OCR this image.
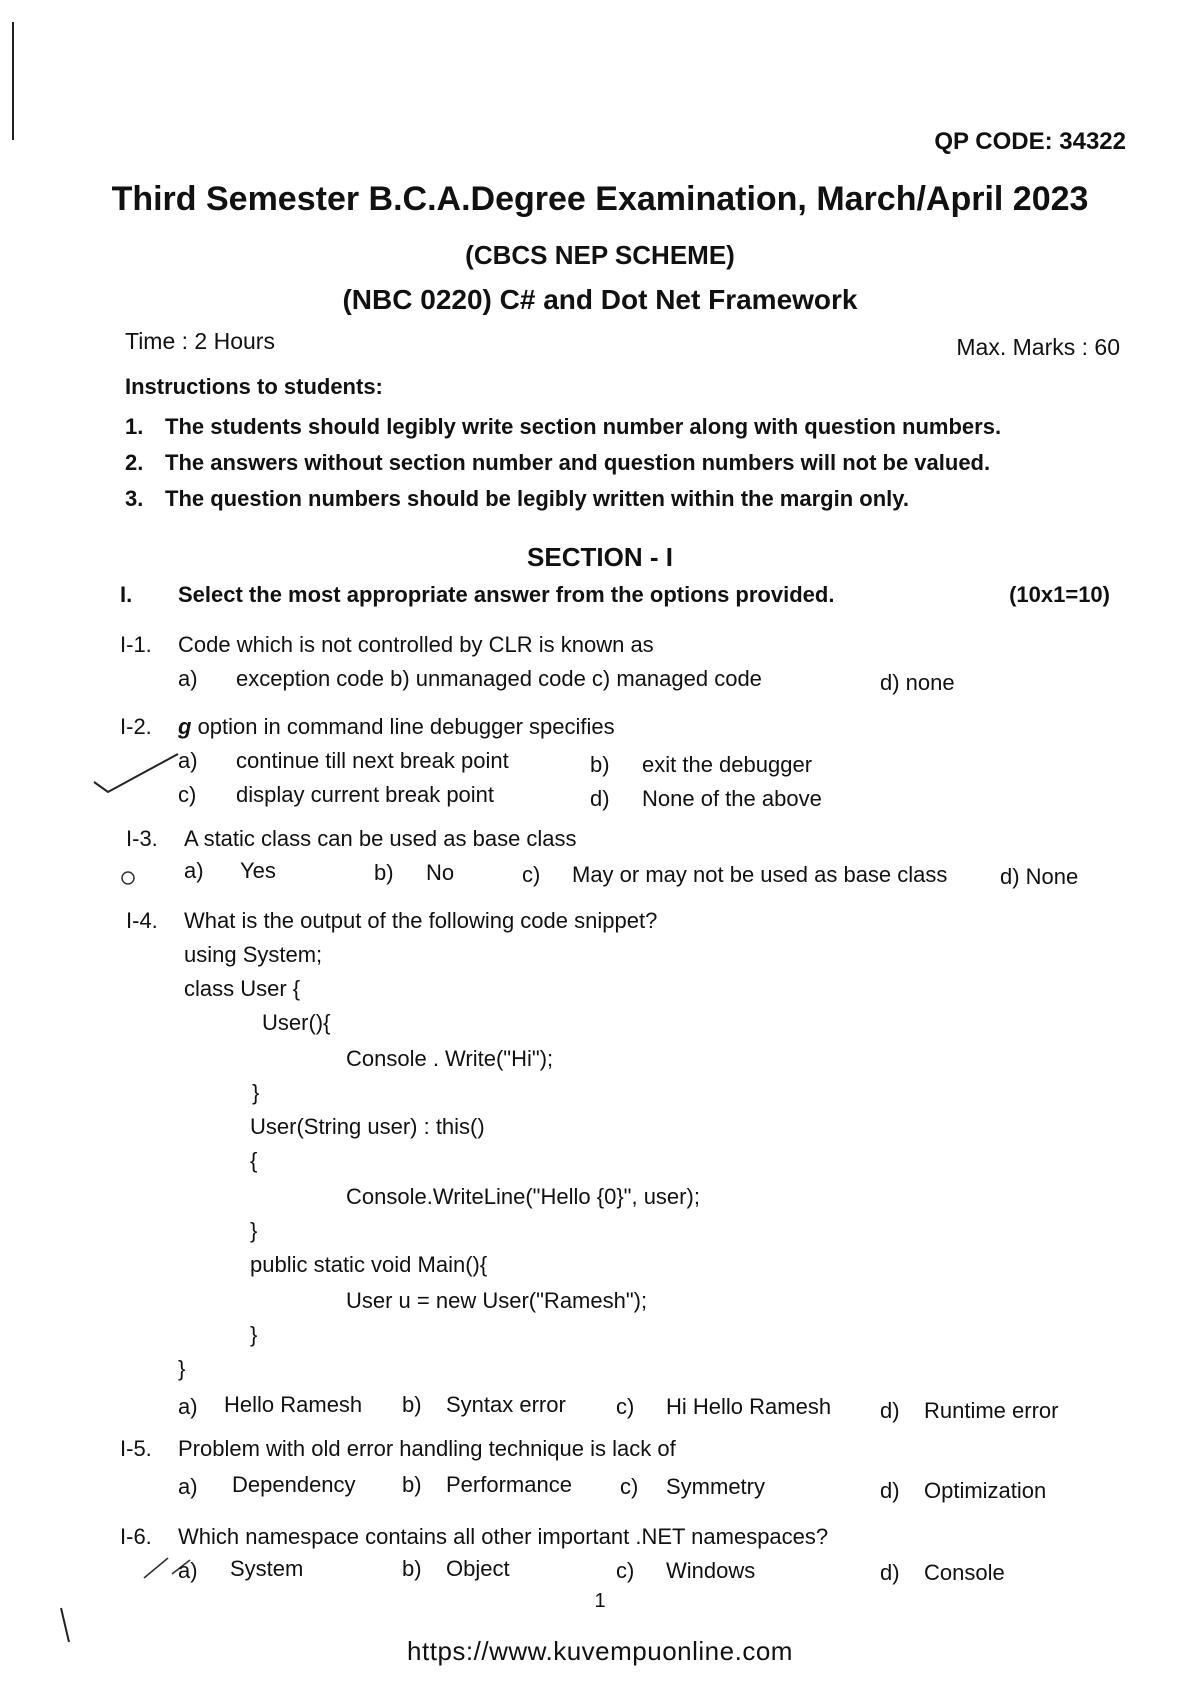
QP CODE: 34322
Third Semester B.C.A.Degree Examination, March/April 2023
(CBCS NEP SCHEME)
(NBC 0220) C# and Dot Net Framework
Time : 2 Hours	Max. Marks : 60
Instructions to students:
1. The students should legibly write section number along with question numbers.
2. The answers without section number and question numbers will not be valued.
3. The question numbers should be legibly written within the margin only.
SECTION - I
I. Select the most appropriate answer from the options provided.	(10x1=10)
I-1. Code which is not controlled by CLR is known as
a) exception code b) unmanaged code c) managed code	d) none
I-2. g option in command line debugger specifies
a) continue till next break point	b) exit the debugger
c) display current break point	d) None of the above
I-3. A static class can be used as base class
a) Yes	b) No	c) May or may not be used as base class d) None
I-4. What is the output of the following code snippet?
using System;
class User {
User(){
Console . Write("Hi");
}
User(String user) : this()
{
Console.WriteLine("Hello {0}", user);
}
public static void Main(){
User u = new User("Ramesh");
}
}
a) Hello Ramesh b) Syntax error c) Hi Hello Ramesh d) Runtime error
I-5. Problem with old error handling technique is lack of
a) Dependency b) Performance c) Symmetry	d) Optimization
I-6. Which namespace contains all other important .NET namespaces?
a) System	b) Object	c) Windows	d) Console
1
https://www.kuvempuonline.com
